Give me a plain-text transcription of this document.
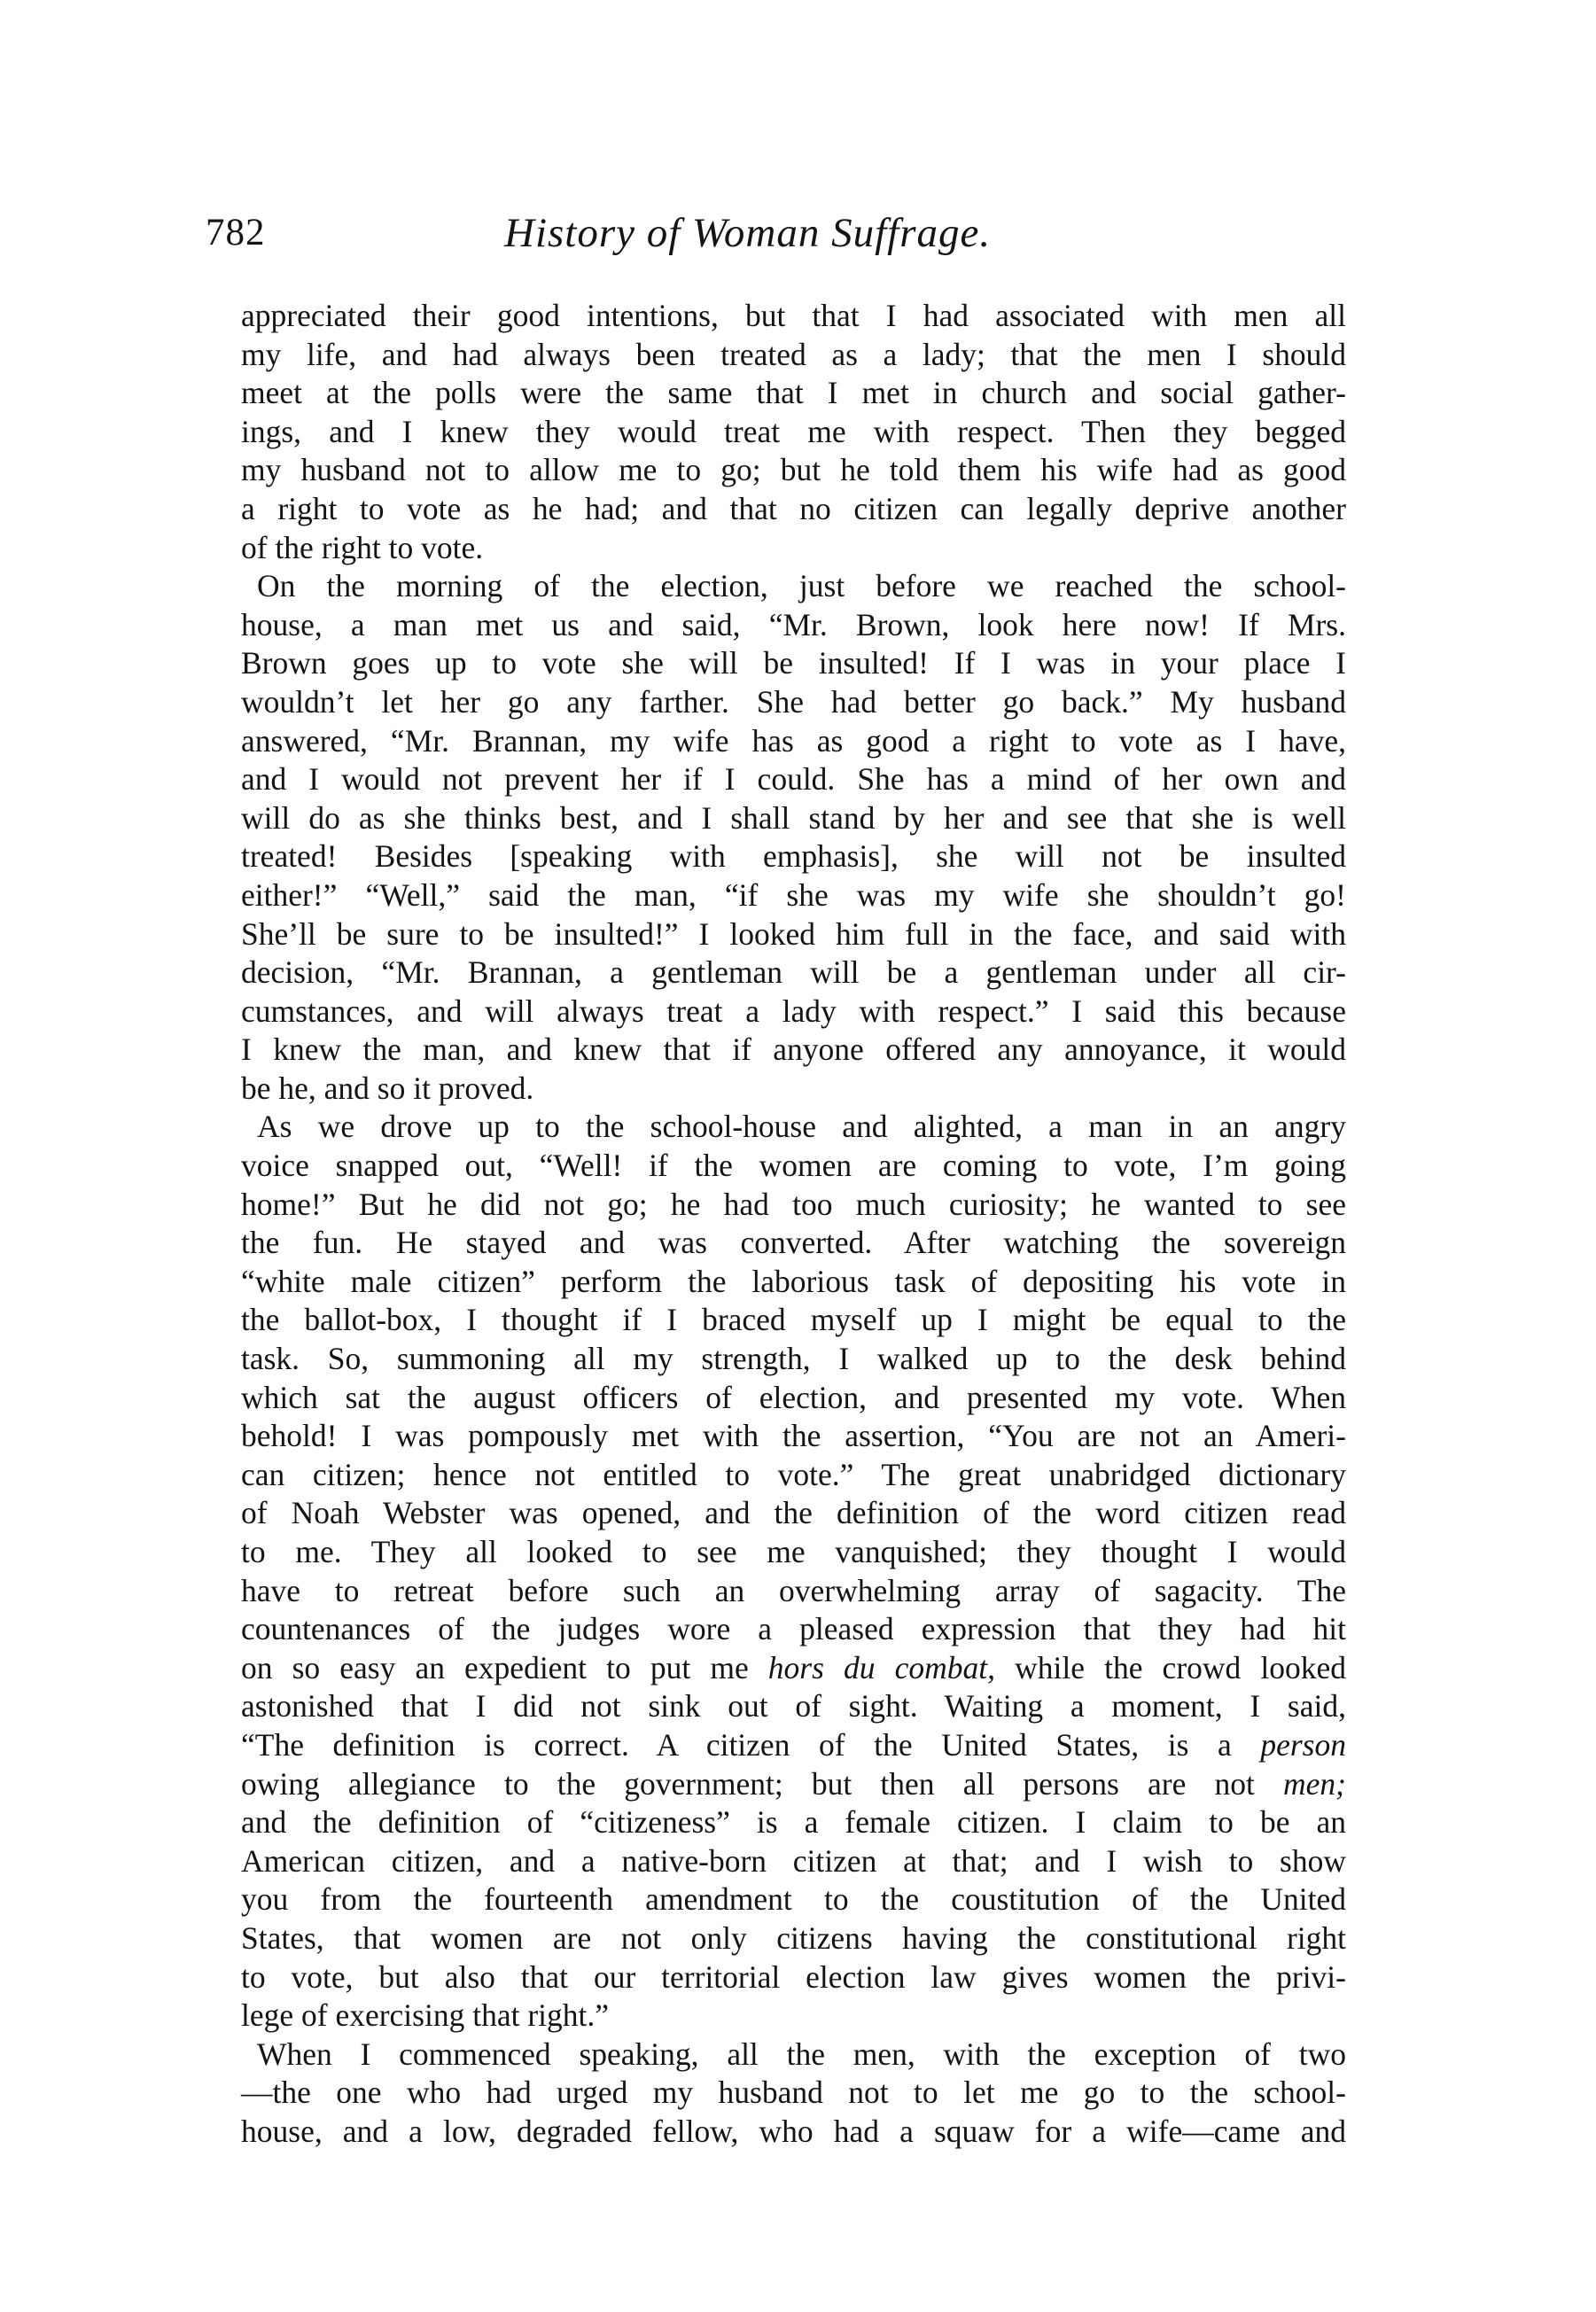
782	History of Woman Suffrage.
appreciated their good intentions, but that I had associated with men all
my life, and had always been treated as a lady; that the men I should
meet at the polls were the same that I met in church and social gather-
ings, and I knew they would treat me with respect. Then they begged
my husband not to allow me to go; but he told them his wife had as good
a right to vote as he had; and that no citizen can legally deprive another
of the right to vote.
On the morning of the election, just before we reached the school-
house, a man met us and said, “Mr. Brown, look here now! If Mrs.
Brown goes up to vote she will be insulted! If I was in your place I
wouldn’t let her go any farther. She had better go back.” My husband
answered, “Mr. Brannan, my wife has as good a right to vote as I have,
and I would not prevent her if I could. She has a mind of her own and
will do as she thinks best, and I shall stand by her and see that she is well
treated! Besides [speaking with emphasis], she will not be insulted
either!” “Well,” said the man, “if she was my wife she shouldn’t go!
She’ll be sure to be insulted!” I looked him full in the face, and said with
decision, “Mr. Brannan, a gentleman will be a gentleman under all cir-
cumstances, and will always treat a lady with respect.” I said this because
I knew the man, and knew that if anyone offered any annoyance, it would
be he, and so it proved.
As we drove up to the school-house and alighted, a man in an angry
voice snapped out, “Well! if the women are coming to vote, I’m going
home!” But he did not go; he had too much curiosity; he wanted to see
the fun. He stayed and was converted. After watching the sovereign
“white male citizen” perform the laborious task of depositing his vote in
the ballot-box, I thought if I braced myself up I might be equal to the
task. So, summoning all my strength, I walked up to the desk behind
which sat the august officers of election, and presented my vote. When
behold! I was pompously met with the assertion, “You are not an Ameri-
can citizen; hence not entitled to vote.” The great unabridged dictionary
of Noah Webster was opened, and the definition of the word citizen read
to me. They all looked to see me vanquished; they thought I would
have to retreat before such an overwhelming array of sagacity. The
countenances of the judges wore a pleased expression that they had hit
on so easy an expedient to put me hors du combat, while the crowd looked
astonished that I did not sink out of sight. Waiting a moment, I said,
“The definition is correct. A citizen of the United States, is a person
owing allegiance to the government; but then all persons are not men;
and the definition of “citizeness” is a female citizen. I claim to be an
American citizen, and a native-born citizen at that; and I wish to show
you from the fourteenth amendment to the coustitution of the United
States, that women are not only citizens having the constitutional right
to vote, but also that our territorial election law gives women the privi-
lege of exercising that right.”
When I commenced speaking, all the men, with the exception of two
—the one who had urged my husband not to let me go to the school-
house, and a low, degraded fellow, who had a squaw for a wife—came and
